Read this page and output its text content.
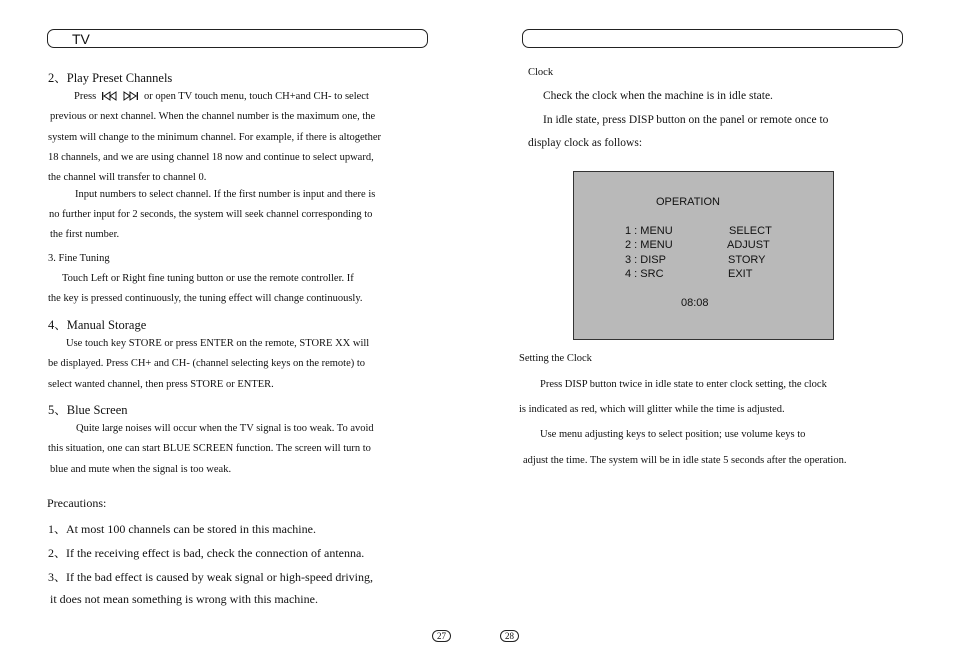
TV
2、Play Preset Channels
Press	or open TV touch menu, touch CH+and CH- to select
previous or next channel. When the channel number is the maximum one, the
system will change to the minimum channel. For example, if there is altogether
18 channels, and we are using channel 18 now and continue to select upward,
the channel will transfer to channel 0.
Input numbers to select channel. If the first number is input and there is
no further input for 2 seconds, the system will seek channel corresponding to
the first number.
3. Fine Tuning
Touch Left or Right fine tuning button or use the remote controller. If
the key is pressed continuously, the tuning effect will change continuously.
4、Manual Storage
Use touch key STORE or press ENTER on the remote, STORE XX will
be displayed. Press CH+ and CH- (channel selecting keys on the remote) to
select wanted channel, then press STORE or ENTER.
5、Blue Screen
Quite large noises will occur when the TV signal is too weak. To avoid
this situation, one can start BLUE SCREEN function. The screen will turn to
blue and mute when the signal is too weak.
Precautions:
1、At most 100 channels can be stored in this machine.
2、If the receiving effect is bad, check the connection of antenna.
3、If the bad effect is caused by weak signal or high-speed driving,
it does not mean something is wrong with this machine.
27
Clock
Check the clock when the machine is in idle state.
In idle state, press DISP button on the panel or remote once to
display clock as follows:
OPERATION
1 : MENU	SELECT
2 : MENU	ADJUST
3 : DISP	STORY
4 : SRC	EXIT
08:08
Setting the Clock
Press DISP button twice in idle state to enter clock setting, the clock
is indicated as red, which will glitter while the time is adjusted.
Use menu adjusting keys to select position; use volume keys to
adjust the time. The system will be in idle state 5 seconds after the operation.
28
